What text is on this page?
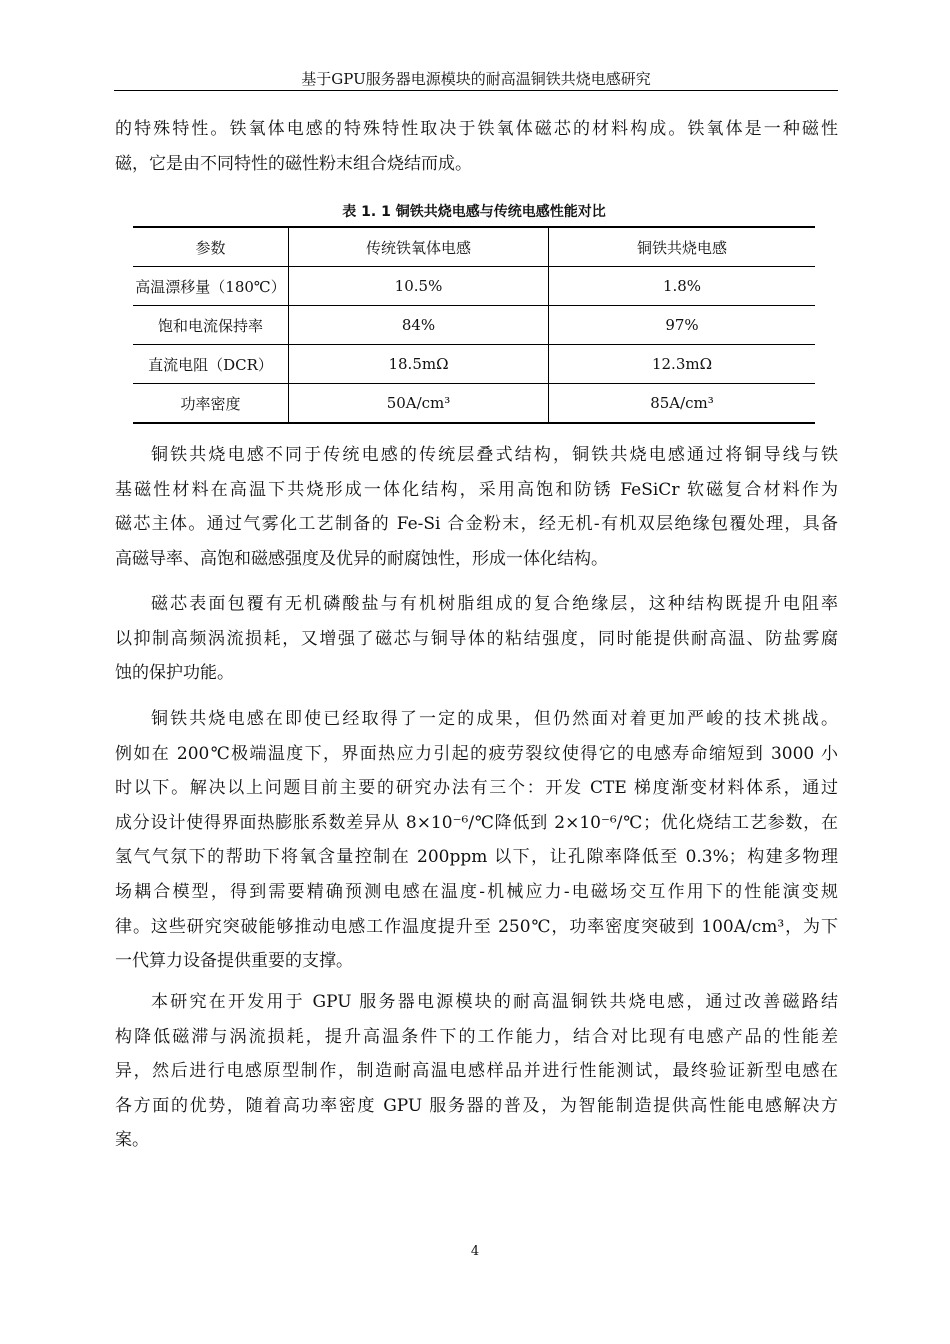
基于GPU服务器电源模块的耐高温铜铁共烧电感研究
的特殊特性。铁氧体电感的特殊特性取决于铁氧体磁芯的材料构成。铁氧体是一种磁性
磁，它是由不同特性的磁性粉末组合烧结而成。
表 1. 1 铜铁共烧电感与传统电感性能对比
参数	传统铁氧体电感	铜铁共烧电感
高温漂移量（180℃）	10.5%	1.8%
饱和电流保持率	84%	97%
直流电阻（DCR）	18.5mΩ	12.3mΩ
功率密度	50A/cm³	85A/cm³
铜铁共烧电感不同于传统电感的传统层叠式结构，铜铁共烧电感通过将铜导线与铁
基磁性材料在高温下共烧形成一体化结构，采用高饱和防锈 FeSiCr 软磁复合材料作为
磁芯主体。通过气雾化工艺制备的 Fe-Si 合金粉末，经无机-有机双层绝缘包覆处理，具备
高磁导率、高饱和磁感强度及优异的耐腐蚀性，形成一体化结构。
磁芯表面包覆有无机磷酸盐与有机树脂组成的复合绝缘层，这种结构既提升电阻率
以抑制高频涡流损耗，又增强了磁芯与铜导体的粘结强度，同时能提供耐高温、防盐雾腐
蚀的保护功能。
铜铁共烧电感在即使已经取得了一定的成果，但仍然面对着更加严峻的技术挑战。
例如在 200℃极端温度下，界面热应力引起的疲劳裂纹使得它的电感寿命缩短到 3000 小
时以下。解决以上问题目前主要的研究办法有三个：开发 CTE 梯度渐变材料体系，通过
成分设计使得界面热膨胀系数差异从 8×10⁻⁶/℃降低到 2×10⁻⁶/℃；优化烧结工艺参数，在
氢气气氛下的帮助下将氧含量控制在 200ppm 以下，让孔隙率降低至 0.3%；构建多物理
场耦合模型，得到需要精确预测电感在温度-机械应力-电磁场交互作用下的性能演变规
律。这些研究突破能够推动电感工作温度提升至 250℃，功率密度突破到 100A/cm³，为下
一代算力设备提供重要的支撑。
本研究在开发用于 GPU 服务器电源模块的耐高温铜铁共烧电感，通过改善磁路结
构降低磁滞与涡流损耗，提升高温条件下的工作能力，结合对比现有电感产品的性能差
异，然后进行电感原型制作，制造耐高温电感样品并进行性能测试，最终验证新型电感在
各方面的优势，随着高功率密度 GPU 服务器的普及，为智能制造提供高性能电感解决方
案。
4
